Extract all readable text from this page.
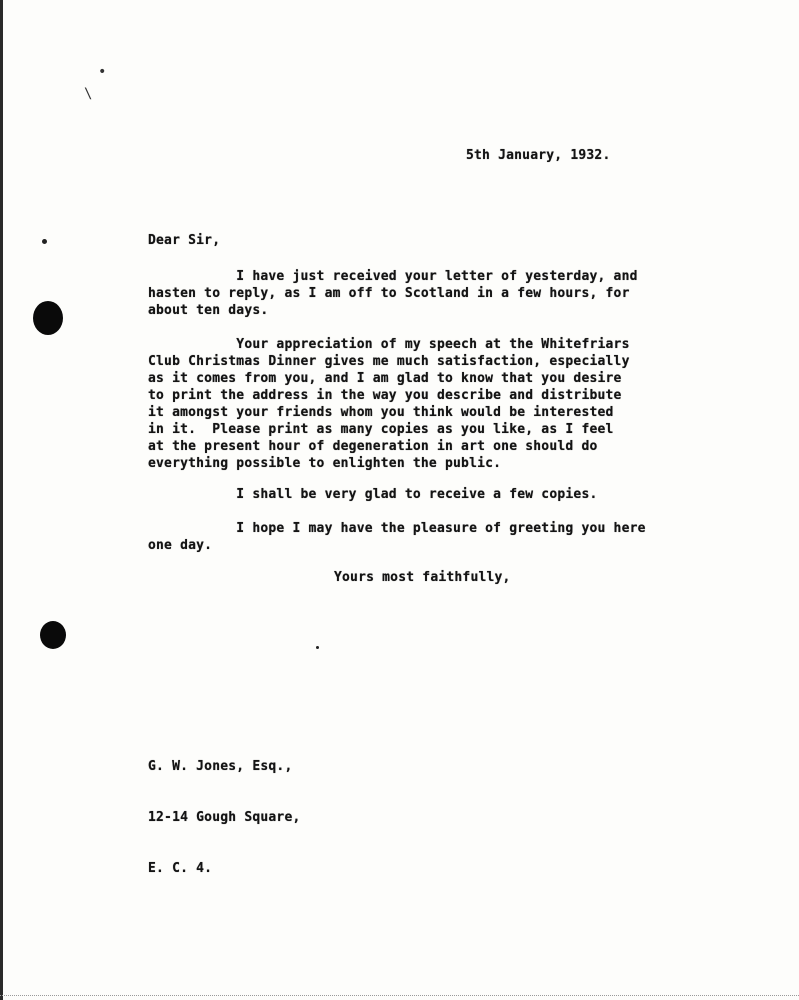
•
\

5th January, 1932.

Dear Sir,

I have just received your letter of yesterday, and
hasten to reply, as I am off to Scotland in a few hours, for
about ten days.

Your appreciation of my speech at the Whitefriars
Club Christmas Dinner gives me much satisfaction, especially
as it comes from you, and I am glad to know that you desire
to print the address in the way you describe and distribute
it amongst your friends whom you think would be interested
in it.  Please print as many copies as you like, as I feel
at the present hour of degeneration in art one should do
everything possible to enlighten the public.

I shall be very glad to receive a few copies.

I hope I may have the pleasure of greeting you here
one day.

Yours most faithfully,

G. W. Jones, Esq.,

12-14 Gough Square,

E. C. 4.
